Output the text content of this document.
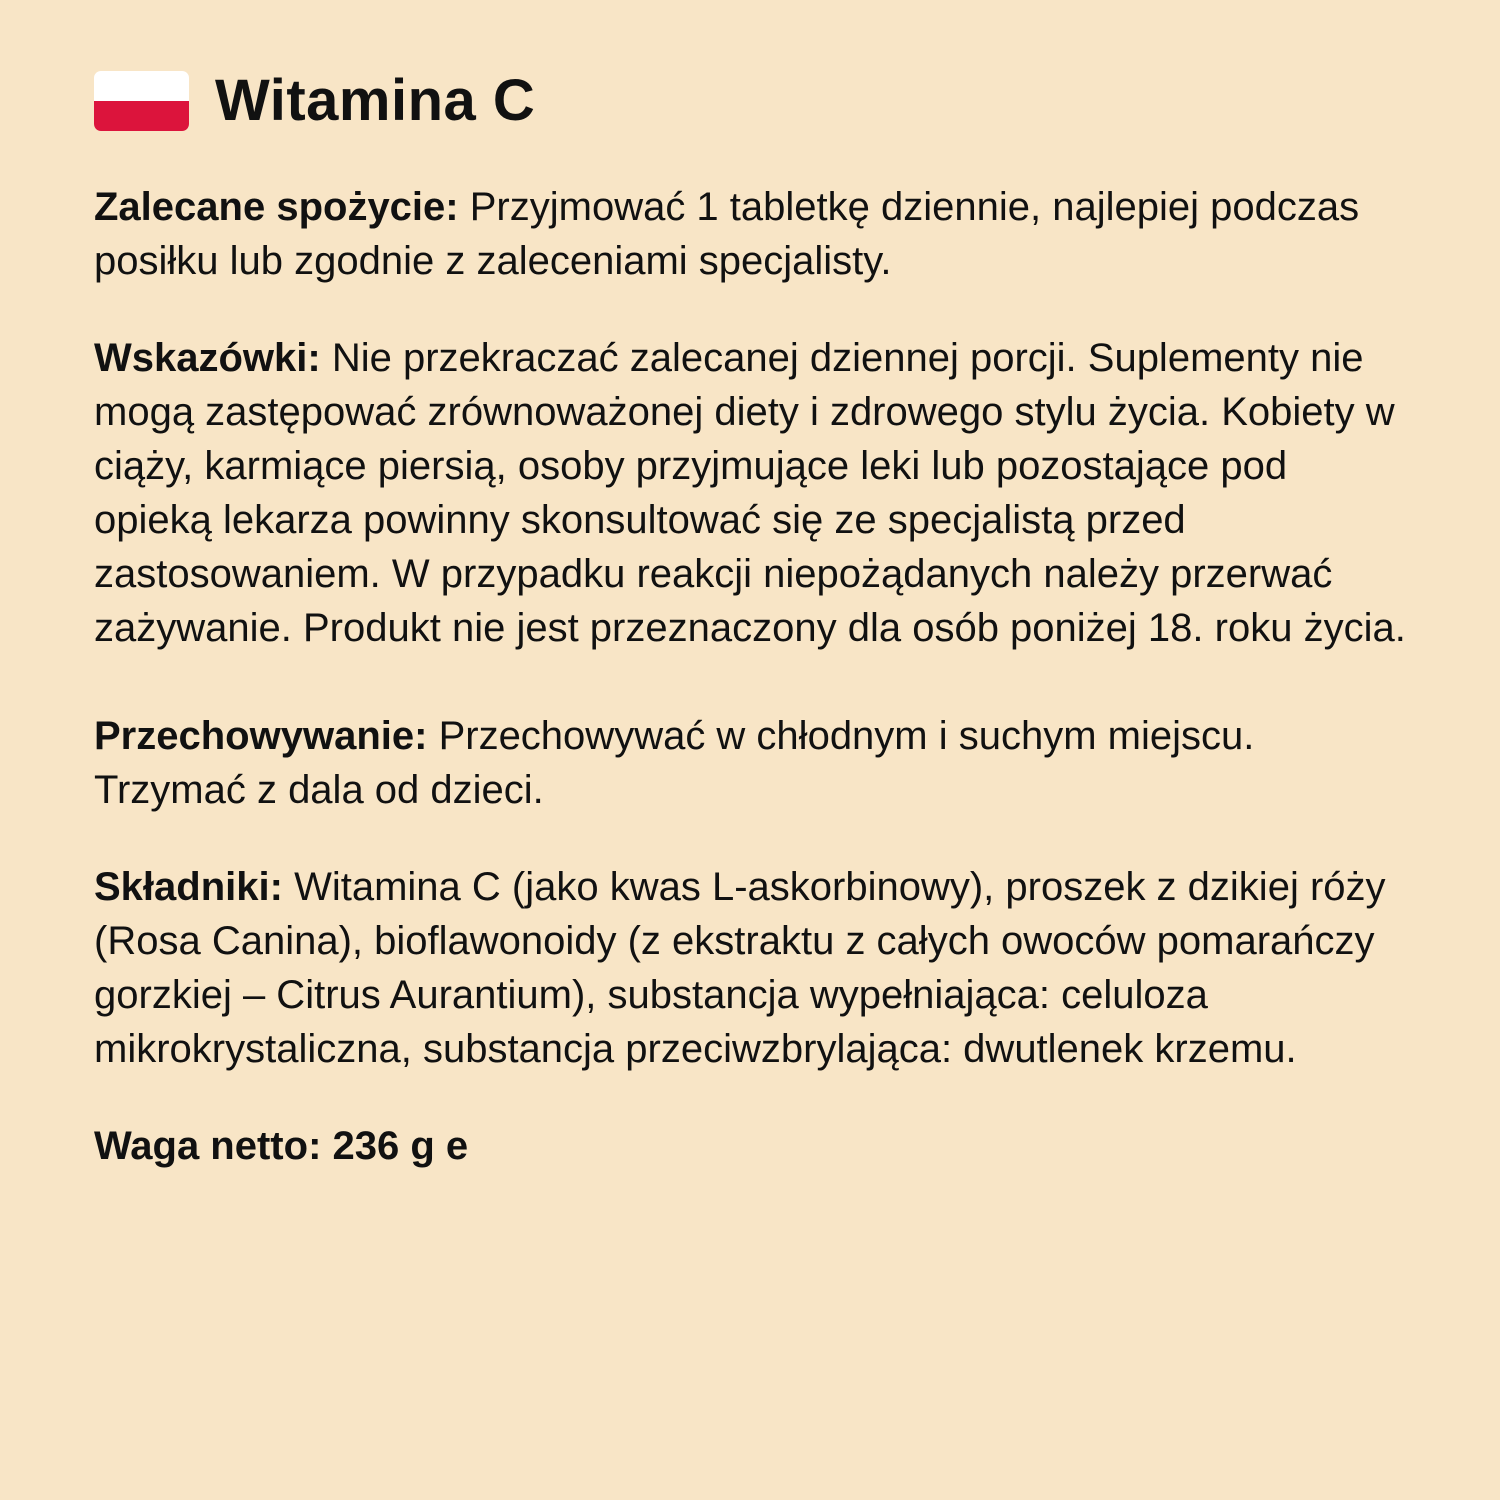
Witamina C

Zalecane spożycie: Przyjmować 1 tabletkę dziennie, najlepiej podczas posiłku lub zgodnie z zaleceniami specjalisty.

Wskazówki: Nie przekraczać zalecanej dziennej porcji. Suplementy nie mogą zastępować zrównoważonej diety i zdrowego stylu życia. Kobiety w ciąży, karmiące piersią, osoby przyjmujące leki lub pozostające pod opieką lekarza powinny skonsultować się ze specjalistą przed zastosowaniem. W przypadku reakcji niepożądanych należy przerwać zażywanie. Produkt nie jest przeznaczony dla osób poniżej 18. roku życia.

Przechowywanie: Przechowywać w chłodnym i suchym miejscu. Trzymać z dala od dzieci.

Składniki: Witamina C (jako kwas L-askorbinowy), proszek z dzikiej róży (Rosa Canina), bioflawonoidy (z ekstraktu z całych owoców pomarańczy gorzkiej – Citrus Aurantium), substancja wypełniająca: celuloza mikrokrystaliczna, substancja przeciwzbrylająca: dwutlenek krzemu.

Waga netto: 236 g e
